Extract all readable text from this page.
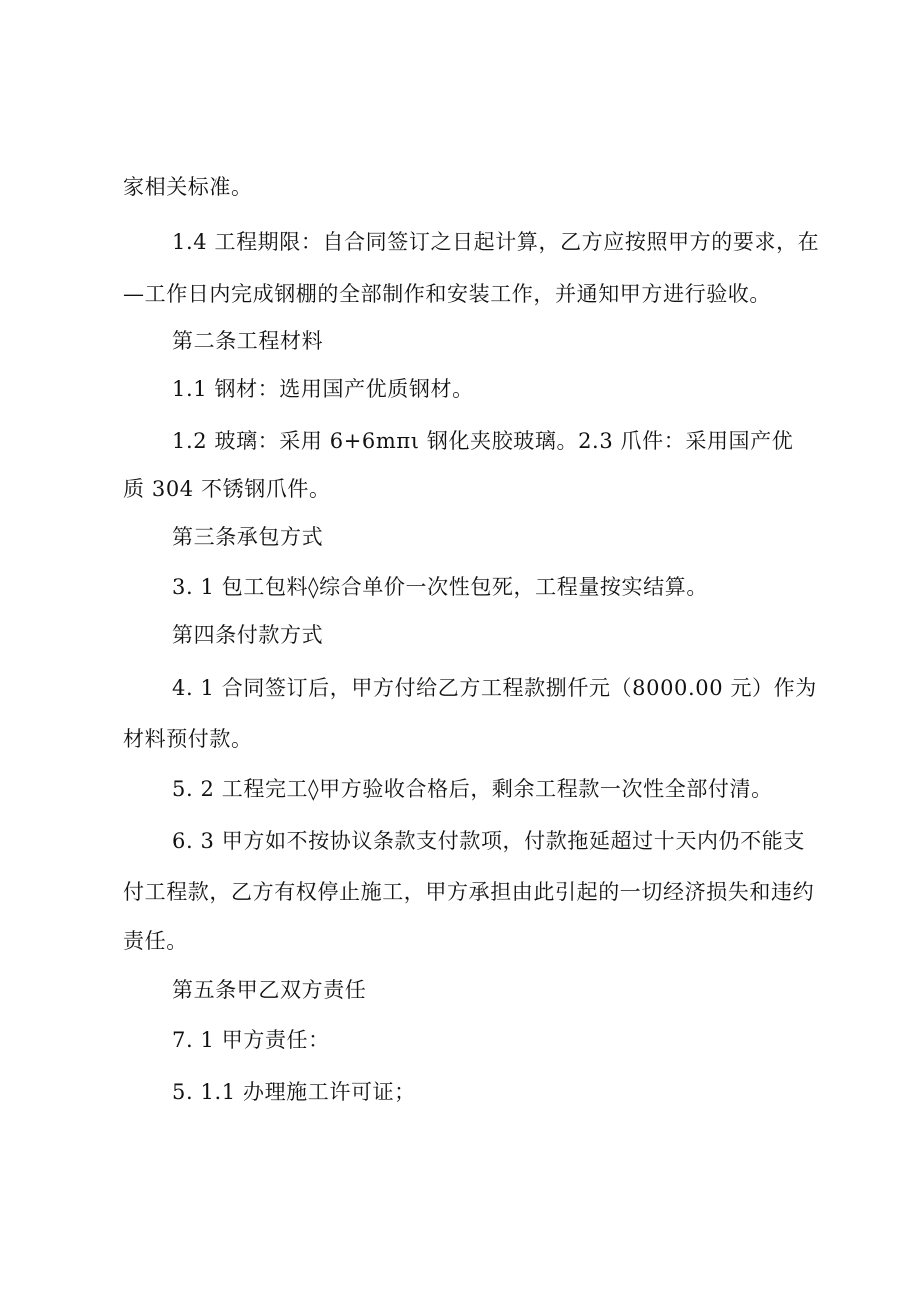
家相关标准。
1.4 工程期限：自合同签订之日起计算，乙方应按照甲方的要求，在
—工作日内完成钢棚的全部制作和安装工作，并通知甲方进行验收。
第二条工程材料
1.1 钢材：选用国产优质钢材。
1.2 玻璃：采用 6+6mπι 钢化夹胶玻璃。2.3 爪件：采用国产优
质 304 不锈钢爪件。
第三条承包方式
3. 1 包工包料◊综合单价一次性包死，工程量按实结算。
第四条付款方式
4. 1 合同签订后，甲方付给乙方工程款捌仟元（8000.00 元）作为
材料预付款。
5. 2 工程完工◊甲方验收合格后，剩余工程款一次性全部付清。
6. 3 甲方如不按协议条款支付款项，付款拖延超过十天内仍不能支
付工程款，乙方有权停止施工，甲方承担由此引起的一切经济损失和违约
责任。
第五条甲乙双方责任
7. 1 甲方责任：
5. 1.1 办理施工许可证；
